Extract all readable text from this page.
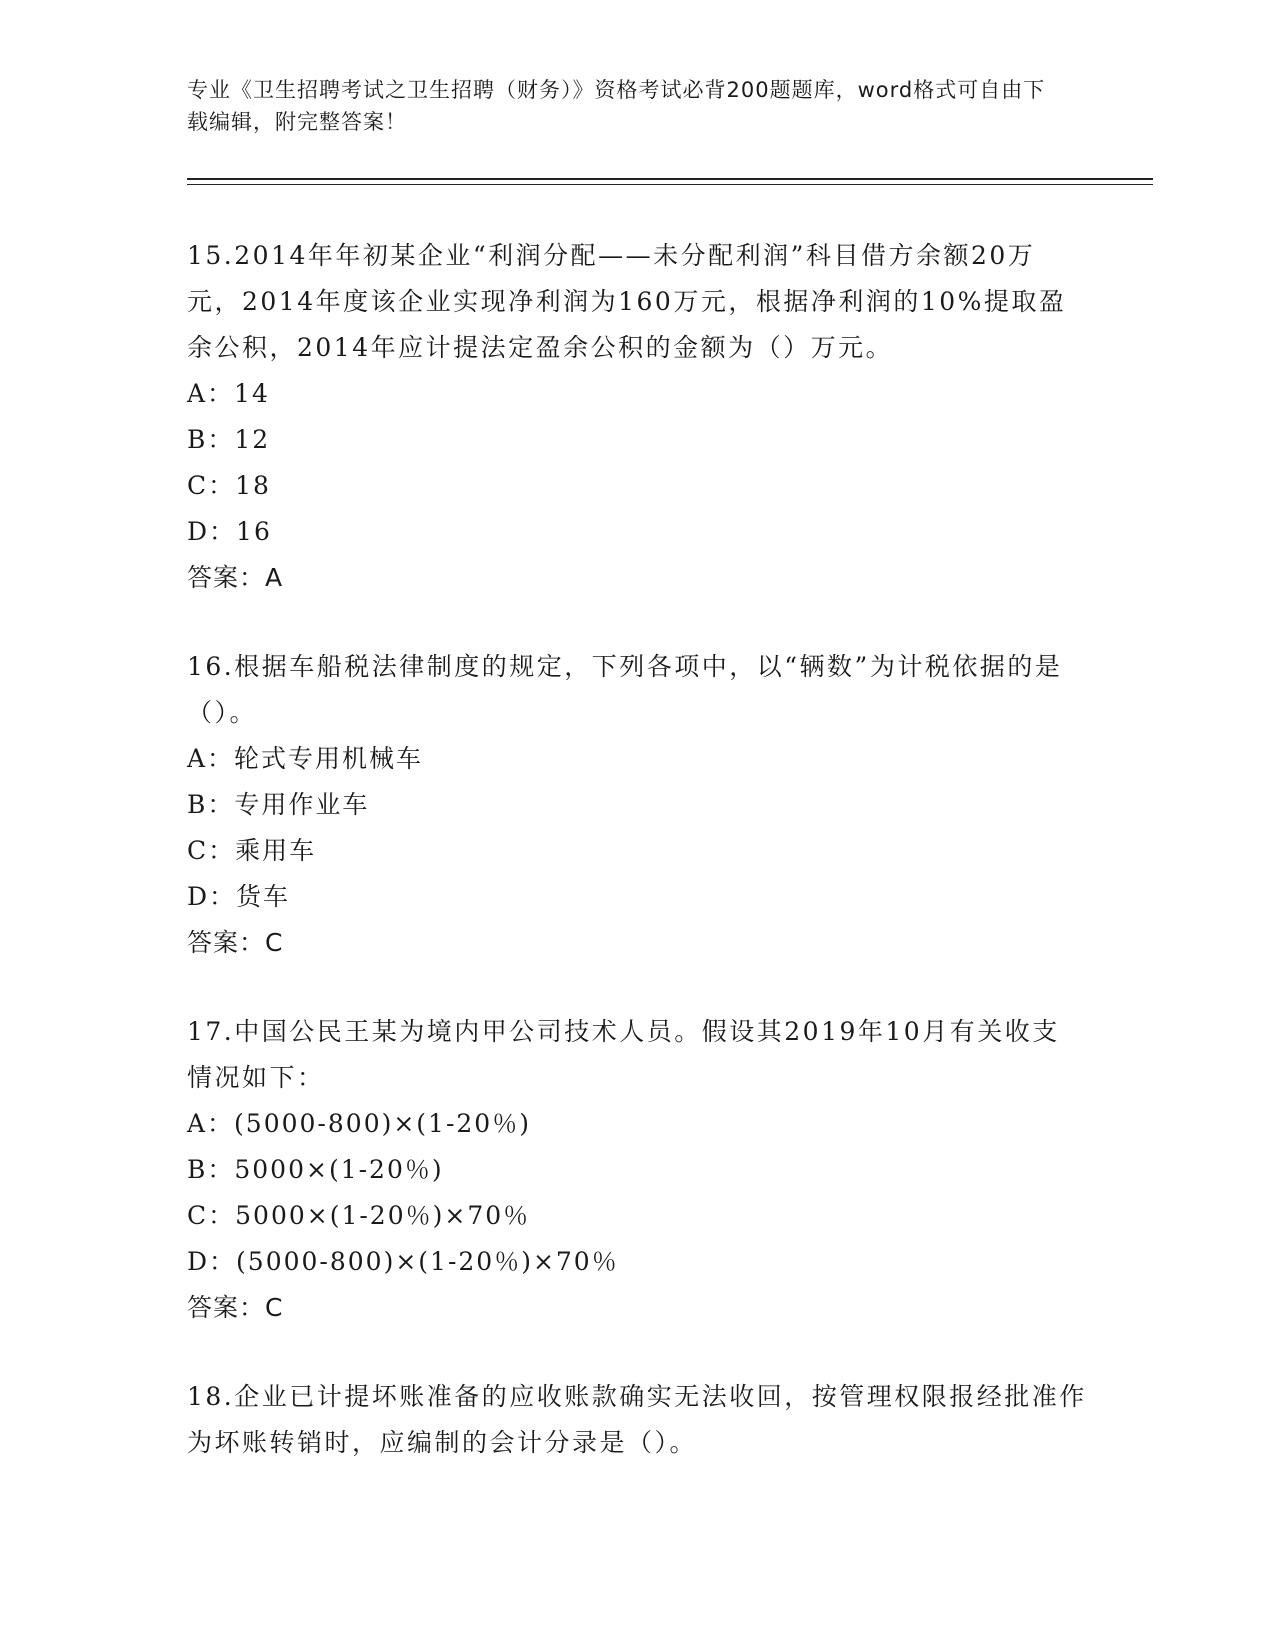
专业《卫生招聘考试之卫生招聘（财务）》资格考试必背200题题库，word格式可自由下载编辑，附完整答案！

15.2014年年初某企业“利润分配——未分配利润”科目借方余额20万元，2014年度该企业实现净利润为160万元，根据净利润的10%提取盈余公积，2014年应计提法定盈余公积的金额为（）万元。

A：14

B：12

C：18

D：16

答案：A

16.根据车船税法律制度的规定，下列各项中，以“辆数”为计税依据的是（）。

A：轮式专用机械车

B：专用作业车

C：乘用车

D：货车

答案：C

17.中国公民王某为境内甲公司技术人员。假设其2019年10月有关收支情况如下：

A：(5000-800)×(1-20％)

B：5000×(1-20％)

C：5000×(1-20％)×70％

D：(5000-800)×(1-20％)×70％

答案：C

18.企业已计提坏账准备的应收账款确实无法收回，按管理权限报经批准作为坏账转销时，应编制的会计分录是（）。
